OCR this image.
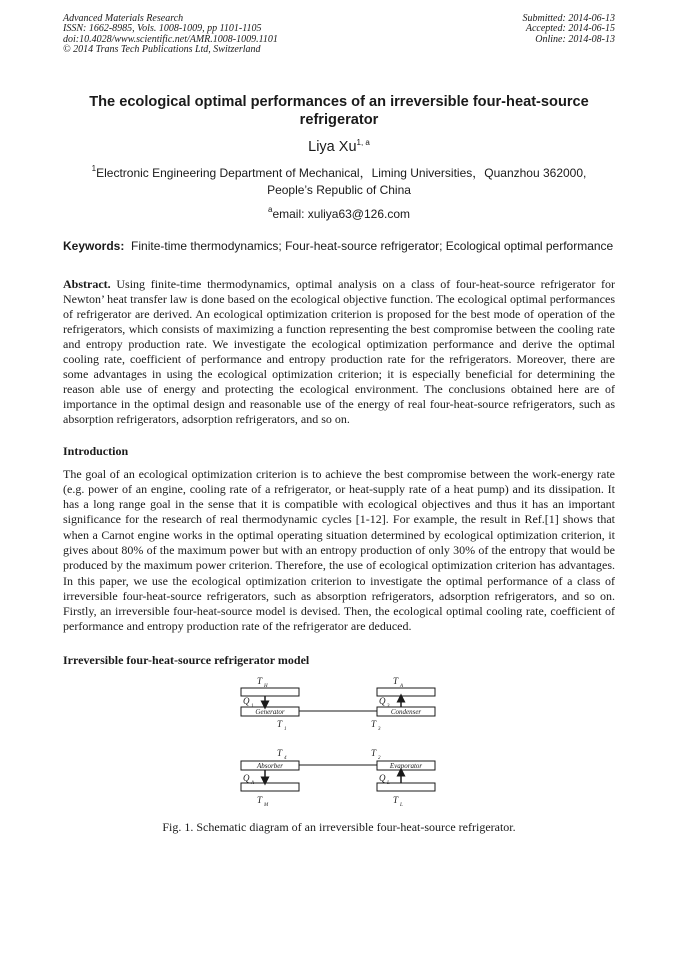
Advanced Materials Research
ISSN: 1662-8985, Vols. 1008-1009, pp 1101-1105
doi:10.4028/www.scientific.net/AMR.1008-1009.1101
© 2014 Trans Tech Publications Ltd, Switzerland
Submitted: 2014-06-13
Accepted: 2014-06-15
Online: 2014-08-13
The ecological optimal performances of an irreversible four-heat-source refrigerator
Liya Xu$^{1, a}$
$^1$Electronic Engineering Department of Mechanical，Liming Universities，Quanzhou 362000,
People’s Republic of China
$^a$email: xuliya63@126.com
Keywords: Finite-time thermodynamics; Four-heat-source refrigerator; Ecological optimal performance
Abstract. Using finite-time thermodynamics, optimal analysis on a class of four-heat-source refrigerator for Newton’ heat transfer law is done based on the ecological objective function. The ecological optimal performances of refrigerator are derived. An ecological optimization criterion is proposed for the best mode of operation of the refrigerators, which consists of maximizing a function representing the best compromise between the cooling rate and entropy production rate. We investigate the ecological optimization performance and derive the optimal cooling rate, coefficient of performance and entropy production rate for the refrigerators. Moreover, there are some advantages in using the ecological optimization criterion; it is especially beneficial for determining the reason able use of energy and protecting the ecological environment. The conclusions obtained here are of importance in the optimal design and reasonable use of the energy of real four-heat-source refrigerators, such as absorption refrigerators, adsorption refrigerators, and so on.
Introduction
The goal of an ecological optimization criterion is to achieve the best compromise between the work-energy rate (e.g. power of an engine, cooling rate of a refrigerator, or heat-supply rate of a heat pump) and its dissipation. It has a long range goal in the sense that it is compatible with ecological objectives and thus it has an important significance for the research of real thermodynamic cycles [1-12]. For example, the result in Ref.[1] shows that when a Carnot engine works in the optimal operating situation determined by ecological optimization criterion, it gives about 80% of the maximum power but with an entropy production of only 30% of the entropy that would be produced by the maximum power criterion. Therefore, the use of ecological optimization criterion has advantages. In this paper, we use the ecological optimization criterion to investigate the optimal performance of a class of irreversible four-heat-source refrigerators, such as absorption refrigerators, adsorption refrigerators, and so on. Firstly, an irreversible four-heat-source model is devised. Then, the ecological optimal cooling rate, coefficient of performance and entropy production rate of the refrigerator are deduced.
Irreversible four-heat-source refrigerator model
Generator	Condenser
Absorber	Evaporator
T
H
T
A
Q
1
Q
3
T
1
T
3
T
4
T
2
Q
A
Q
L
T
M
T
L
Fig. 1. Schematic diagram of an irreversible four-heat-source refrigerator.
